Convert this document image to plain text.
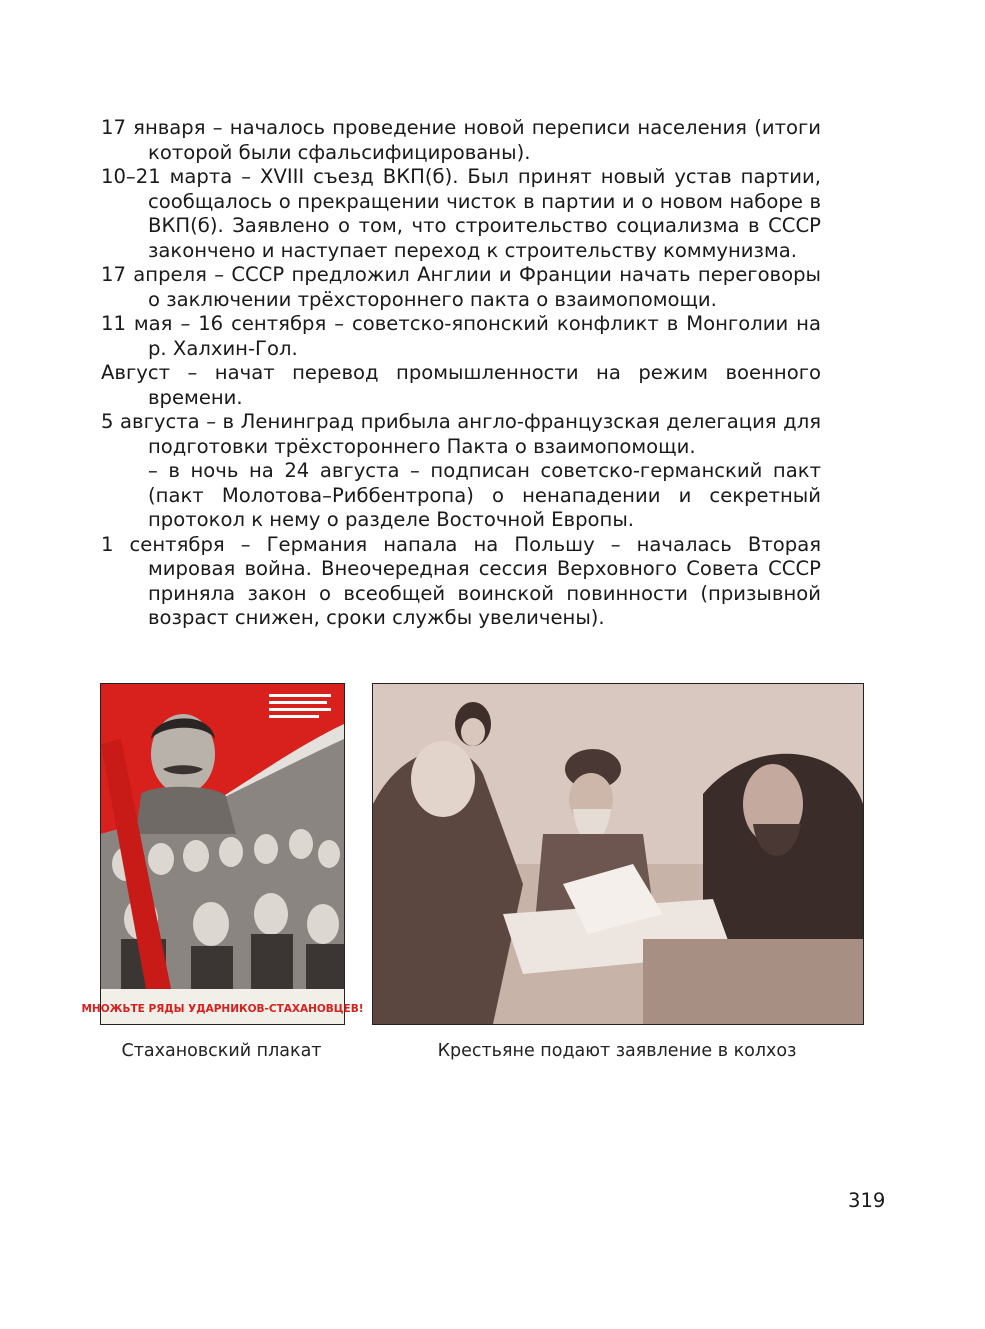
17 января – началось проведение новой переписи населения (итоги которой были сфальсифицированы).
10–21 марта – XVIII съезд ВКП(б). Был принят новый устав партии, сообщалось о прекращении чисток в партии и о новом наборе в ВКП(б). Заявлено о том, что строительство социализма в СССР закончено и наступает переход к строительству коммунизма.
17 апреля – СССР предложил Англии и Франции начать переговоры о заключении трёхстороннего пакта о взаимопомощи.
11 мая – 16 сентября – советско-японский конфликт в Монголии на р. Халхин-Гол.
Август – начат перевод промышленности на режим военного времени.
5 августа – в Ленинград прибыла англо-французская делегация для подготовки трёхстороннего Пакта о взаимопомощи.
– в ночь на 24 августа – подписан советско-германский пакт (пакт Молотова–Риббентропа) о ненападении и секретный протокол к нему о разделе Восточной Европы.
1 сентября – Германия напала на Польшу – началась Вторая мировая война. Внеочередная сессия Верховного Совета СССР приняла закон о всеобщей воинской повинности (призывной возраст снижен, сроки службы увеличены).
МНОЖЬТЕ РЯДЫ УДАРНИКОВ-СТАХАНОВЦЕВ!
Стахановский плакат	Крестьяне подают заявление в колхоз
319
